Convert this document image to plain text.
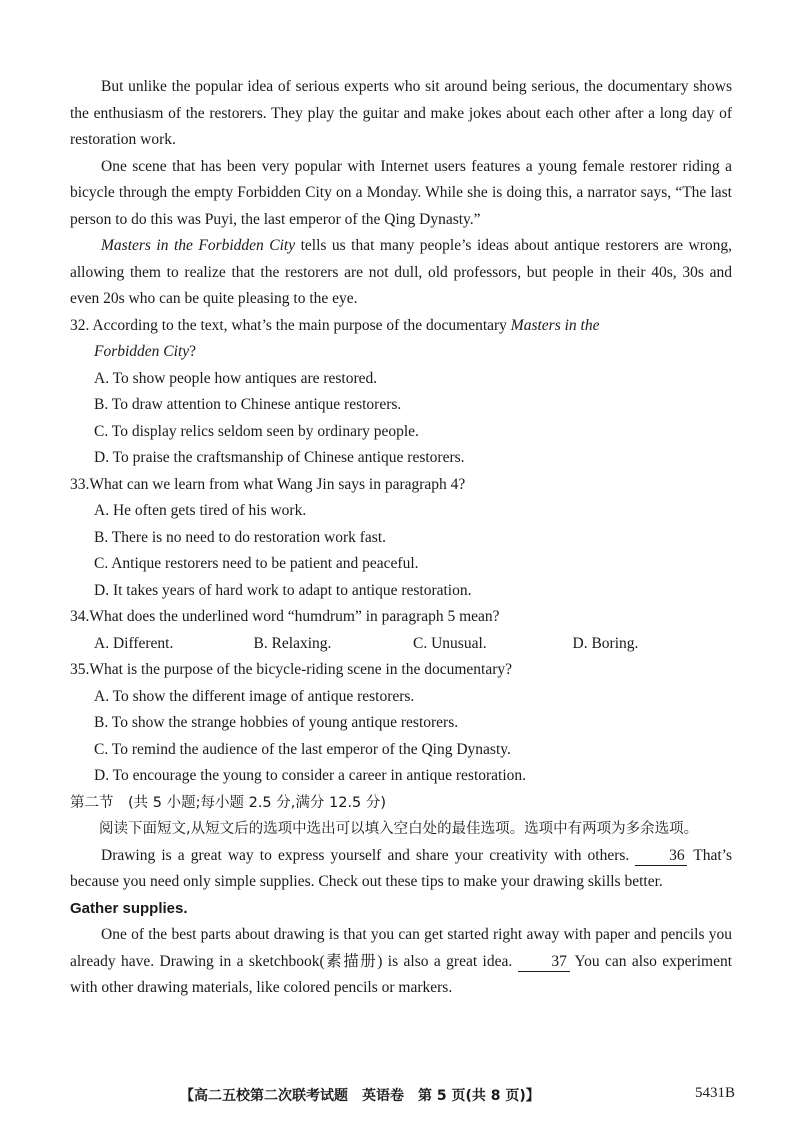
But unlike the popular idea of serious experts who sit around being serious, the documentary shows the enthusiasm of the restorers. They play the guitar and make jokes about each other after a long day of restoration work.

One scene that has been very popular with Internet users features a young female restorer riding a bicycle through the empty Forbidden City on a Monday. While she is doing this, a narrator says, “The last person to do this was Puyi, the last emperor of the Qing Dynasty.”

Masters in the Forbidden City tells us that many people’s ideas about antique restorers are wrong, allowing them to realize that the restorers are not dull, old professors, but people in their 40s, 30s and even 20s who can be quite pleasing to the eye.

32. According to the text, what’s the main purpose of the documentary Masters in the
Forbidden City?
A. To show people how antiques are restored.
B. To draw attention to Chinese antique restorers.
C. To display relics seldom seen by ordinary people.
D. To praise the craftsmanship of Chinese antique restorers.
33.What can we learn from what Wang Jin says in paragraph 4?
A. He often gets tired of his work.
B. There is no need to do restoration work fast.
C. Antique restorers need to be patient and peaceful.
D. It takes years of hard work to adapt to antique restoration.
34.What does the underlined word “humdrum” in paragraph 5 mean?
A. Different.	B. Relaxing.	C. Unusual.	D. Boring.
35.What is the purpose of the bicycle-riding scene in the documentary?
A. To show the different image of antique restorers.
B. To show the strange hobbies of young antique restorers.
C. To remind the audience of the last emperor of the Qing Dynasty.
D. To encourage the young to consider a career in antique restoration.
第二节　(共 5 小题;每小题 2.5 分,满分 12.5 分)

阅读下面短文,从短文后的选项中选出可以填入空白处的最佳选项。选项中有两项为多余选项。

Drawing is a great way to express yourself and share your creativity with others. 36 That’s because you need only simple supplies. Check out these tips to make your drawing skills better.

Gather supplies.

One of the best parts about drawing is that you can get started right away with paper and pencils you already have. Drawing in a sketchbook(素描册) is also a great idea. 37 You can also experiment with other drawing materials, like colored pencils or markers.

【高二五校第二次联考试题　英语卷　第 5 页(共 8 页)】	5431B
